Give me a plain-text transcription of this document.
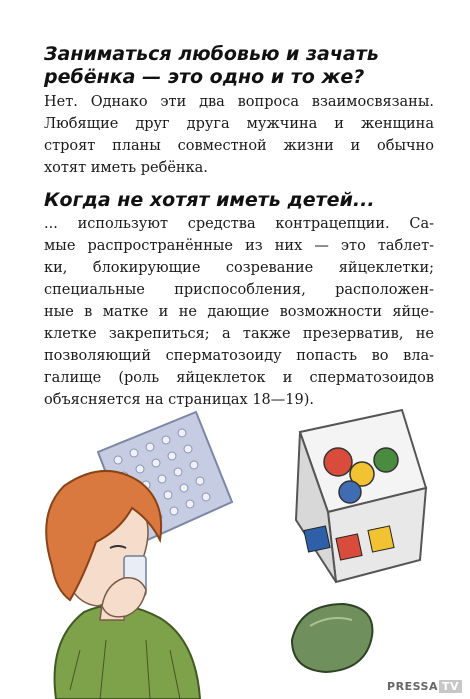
Заниматься любовью и зачать
ребёнка — это одно и то же?

Нет. Однако эти два вопроса взаимосвязаны.
Любящие друг друга мужчина и женщина
строят планы совместной жизни и обычно
хотят иметь ребёнка.

Когда не хотят иметь детей...

... используют средства контрацепции. Са-
мые распространённые из них — это таблет-
ки, блокирующие созревание яйцеклетки;
специальные приспособления, расположен-
ные в матке и не дающие возможности яйце-
клетке закрепиться; а также презерватив, не
позволяющий сперматозоиду попасть во вла-
галище (роль яйцеклеток и сперматозоидов
объясняется на страницах 18—19).

PRESSA TV
